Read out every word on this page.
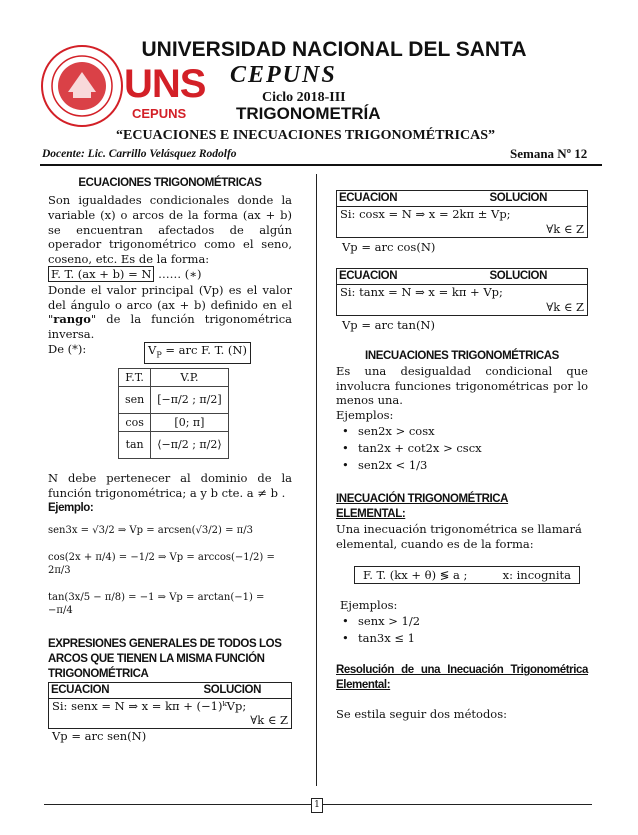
UNS
CEPUNS
UNIVERSIDAD NACIONAL DEL SANTA
CEPUNS
Ciclo 2018-III
TRIGONOMETRÍA
“ECUACIONES E INECUACIONES TRIGONOMÉTRICAS”
Docente: Lic. Carrillo Velásquez Rodolfo	Semana Nº 12
ECUACIONES TRIGONOMÉTRICAS
Son igualdades condicionales donde la variable (x) o arcos de la forma (ax + b) se encuentran afectados de algún operador trigonométrico como el seno, coseno, etc. Es de la forma:
F. T. (ax + b) = N …… (∗)
Donde el valor principal (Vp) es el valor del ángulo o arco (ax + b) definido en el "rango" de la función trigonométrica inversa.
De (*):	$V_P$ = arc F. T. (N)
F.T.	V.P.
sen	[−π/2 ; π/2]
cos	[0; π]
tan	⟨−π/2 ; π/2⟩
N debe pertenecer al dominio de la función trigonométrica; a y b cte. a ≠ b .
Ejemplo:
sen3x = √3/2 ⇒ Vp = arcsen(√3/2) = π/3
cos(2x + π/4) = −1/2 ⇒ Vp = arccos(−1/2) = 2π/3
tan(3x/5 − π/8) = −1 ⇒ Vp = arctan(−1) = −π/4
EXPRESIONES GENERALES DE TODOS LOS ARCOS QUE TIENEN LA MISMA FUNCIÓN TRIGONOMÉTRICA
ECUACION	SOLUCION
Si: senx = N ⇒ x = kπ + (−1)ᵏVp;
∀k ∈ Z
Vp = arc sen(N)
ECUACION	SOLUCION
Si: cosx = N ⇒ x = 2kπ ± Vp;
∀k ∈ Z
Vp = arc cos(N)
ECUACION	SOLUCION
Si: tanx = N ⇒ x = kπ + Vp;
∀k ∈ Z
Vp = arc tan(N)
INECUACIONES TRIGONOMÉTRICAS
Es una desigualdad condicional que involucra funciones trigonométricas por lo menos una.
Ejemplos:
• sen2x > cosx
• tan2x + cot2x > cscx
• sen2x < 1/3
INECUACIÓN TRIGONOMÉTRICA ELEMENTAL:
Una inecuación trigonométrica se llamará elemental, cuando es de la forma:
F. T. (kx + θ) ≶ a ;	x: incognita
Ejemplos:
• senx > 1/2
• tan3x ≤ 1
Resolución de una Inecuación Trigonométrica Elemental:
Se estila seguir dos métodos:
1
